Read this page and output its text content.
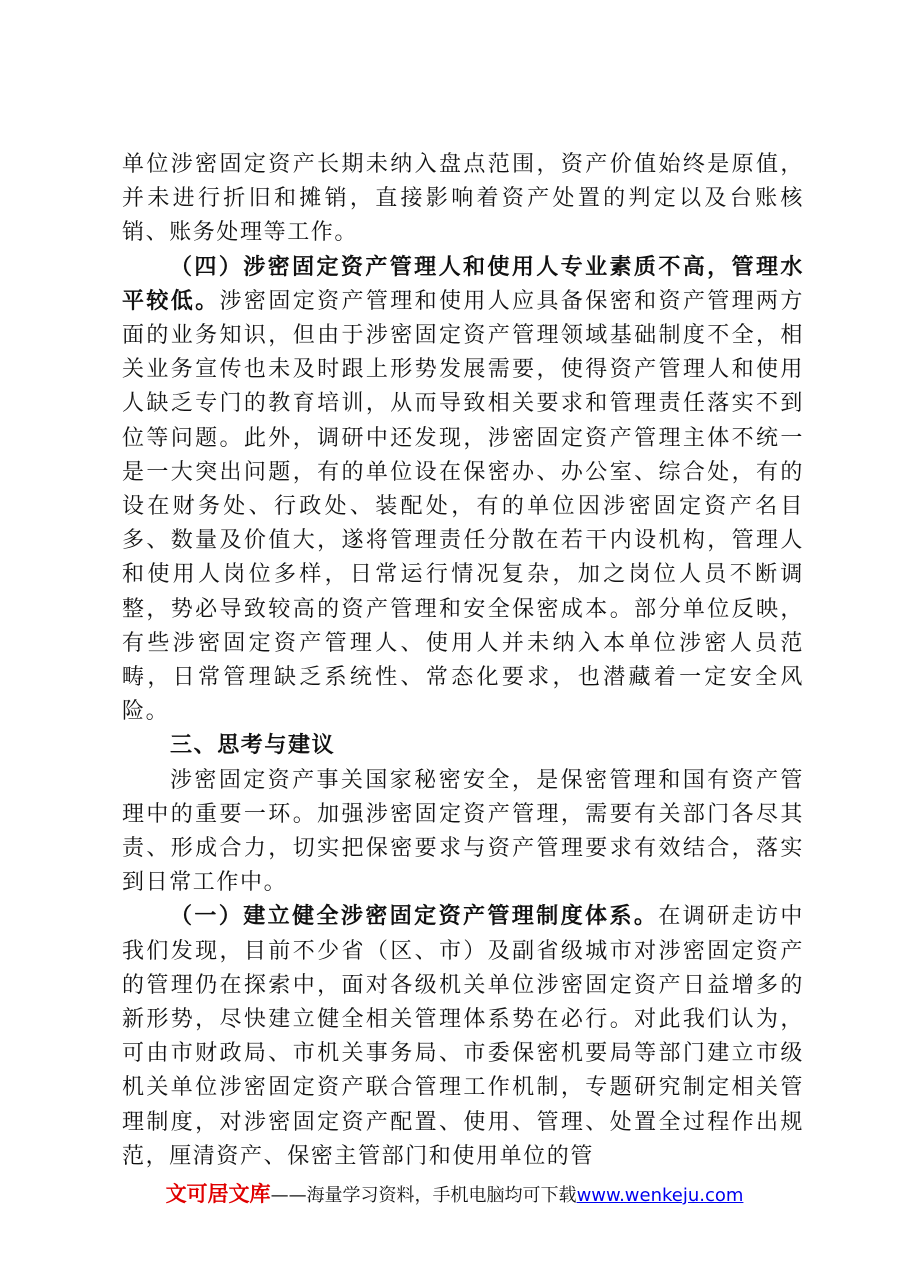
单位涉密固定资产长期未纳入盘点范围，资产价值始终是原值，并未进行折旧和摊销，直接影响着资产处置的判定以及台账核销、账务处理等工作。

（四）涉密固定资产管理人和使用人专业素质不高，管理水平较低。涉密固定资产管理和使用人应具备保密和资产管理两方面的业务知识，但由于涉密固定资产管理领域基础制度不全，相关业务宣传也未及时跟上形势发展需要，使得资产管理人和使用人缺乏专门的教育培训，从而导致相关要求和管理责任落实不到位等问题。此外，调研中还发现，涉密固定资产管理主体不统一是一大突出问题，有的单位设在保密办、办公室、综合处，有的设在财务处、行政处、装配处，有的单位因涉密固定资产名目多、数量及价值大，遂将管理责任分散在若干内设机构，管理人和使用人岗位多样，日常运行情况复杂，加之岗位人员不断调整，势必导致较高的资产管理和安全保密成本。部分单位反映，有些涉密固定资产管理人、使用人并未纳入本单位涉密人员范畴，日常管理缺乏系统性、常态化要求，也潜藏着一定安全风险。

三、思考与建议

涉密固定资产事关国家秘密安全，是保密管理和国有资产管理中的重要一环。加强涉密固定资产管理，需要有关部门各尽其责、形成合力，切实把保密要求与资产管理要求有效结合，落实到日常工作中。

（一）建立健全涉密固定资产管理制度体系。在调研走访中我们发现，目前不少省（区、市）及副省级城市对涉密固定资产的管理仍在探索中，面对各级机关单位涉密固定资产日益增多的新形势，尽快建立健全相关管理体系势在必行。对此我们认为，可由市财政局、市机关事务局、市委保密机要局等部门建立市级机关单位涉密固定资产联合管理工作机制，专题研究制定相关管理制度，对涉密固定资产配置、使用、管理、处置全过程作出规范，厘清资产、保密主管部门和使用单位的管

文可居文库——海量学习资料，手机电脑均可下载www.wenkeju.com
